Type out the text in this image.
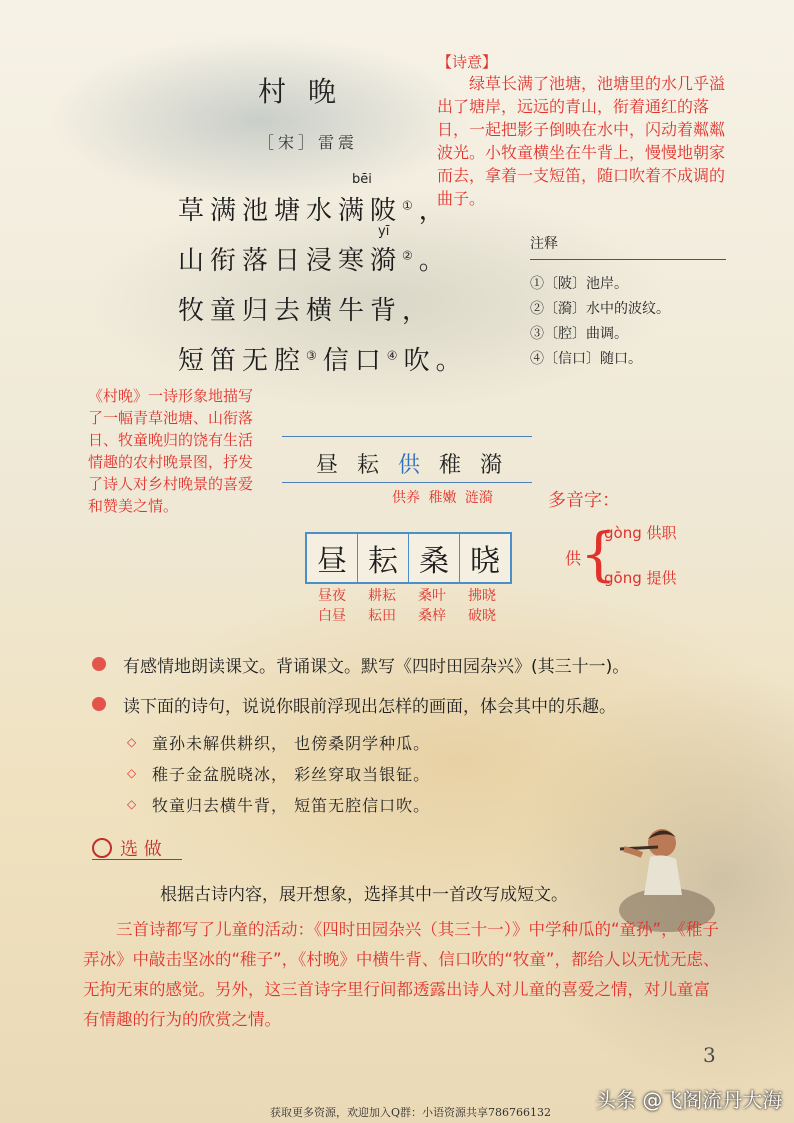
村晚
［宋］雷震
bēi
草满池塘水满陂①，
yī
山衔落日浸寒漪②。
牧童归去横牛背，
短笛无腔③信口④吹。
【诗意】
绿草长满了池塘，池塘里的水几乎溢出了塘岸，远远的青山，衔着通红的落日，一起把影子倒映在水中，闪动着粼粼波光。小牧童横坐在牛背上，慢慢地朝家而去，拿着一支短笛，随口吹着不成调的曲子。
注释
①〔陂〕池岸。
②〔漪〕水中的波纹。
③〔腔〕曲调。
④〔信口〕随口。
《村晚》一诗形象地描写了一幅青草池塘、山衔落日、牧童晚归的饶有生活情趣的农村晚景图，抒发了诗人对乡村晚景的喜爱和赞美之情。
昼 耘 供 稚 漪
供养 稚嫩 涟漪	多音字：
昼 耘 桑 晓
昼夜
白昼
耕耘
耘田
桑叶
桑梓
拂晓
破晓
供
{
gòng 供职
gōng 提供
有感情地朗读课文。背诵课文。默写《四时田园杂兴》(其三十一)。
读下面的诗句，说说你眼前浮现出怎样的画面，体会其中的乐趣。
◇ 童孙未解供耕织， 也傍桑阴学种瓜。
◇ 稚子金盆脱晓冰， 彩丝穿取当银钲。
◇ 牧童归去横牛背， 短笛无腔信口吹。
选 做
根据古诗内容，展开想象，选择其中一首改写成短文。
三首诗都写了儿童的活动：《四时田园杂兴（其三十一）》中学种瓜的“童孙”，《稚子弄冰》中敲击坚冰的“稚子”，《村晚》中横牛背、信口吹的“牧童”，都给人以无忧无虑、无拘无束的感觉。另外，这三首诗字里行间都透露出诗人对儿童的喜爱之情，对儿童富有情趣的行为的欣赏之情。
3
头条 @飞阁流丹大海
获取更多资源，欢迎加入Q群：小语资源共享786766132
